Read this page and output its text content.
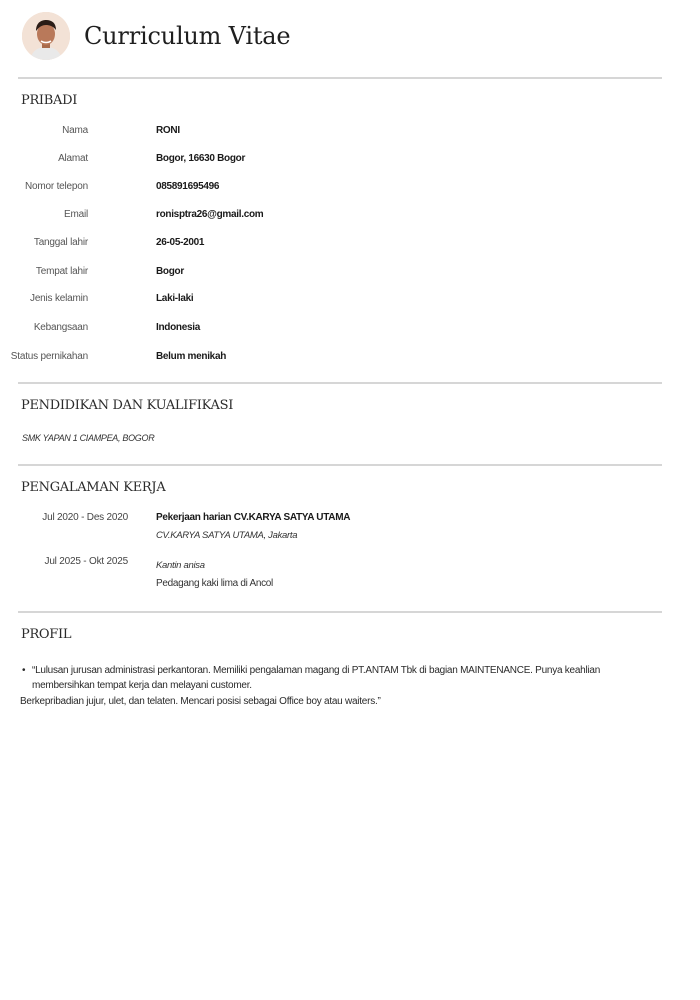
Curriculum Vitae
PRIBADI
Nama	RONI
Alamat	Bogor, 16630 Bogor
Nomor telepon	085891695496
Email	ronisptra26@gmail.com
Tanggal lahir	26-05-2001
Tempat lahir	Bogor
Jenis kelamin	Laki-laki
Kebangsaan	Indonesia
Status pernikahan	Belum menikah
PENDIDIKAN DAN KUALIFIKASI
SMK YAPAN 1 CIAMPEA, BOGOR
PENGALAMAN KERJA
Jul 2020 - Des 2020	Pekerjaan harian CV.KARYA SATYA UTAMA
CV.KARYA SATYA UTAMA, Jakarta
Jul 2025 - Okt 2025	Kantin anisa
Pedagang kaki lima di Ancol
PROFIL
• “Lulusan jurusan administrasi perkantoran. Memiliki pengalaman magang di PT.ANTAM Tbk di bagian MAINTENANCE. Punya keahlian membersihkan tempat kerja dan melayani customer.
Berkepribadian jujur, ulet, dan telaten. Mencari posisi sebagai Office boy atau waiters.”
